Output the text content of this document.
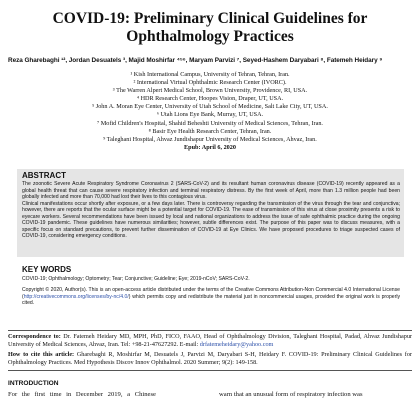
COVID-19: Preliminary Clinical Guidelines for Ophthalmology Practices
Reza Gharebaghi ¹², Jordan Desuatels ³, Majid Moshirfar ⁴⁵⁶, Maryam Parvizi ⁷, Seyed-Hashem Daryabari ⁸, Fatemeh Heidary ⁹
¹ Kish International Campus, University of Tehran, Tehran, Iran.
² International Virtual Ophthalmic Research Center (IVORC).
³ The Warren Alpert Medical School, Brown University, Providence, RI, USA.
⁴ HDR Research Center, Hoopes Vision, Draper, UT, USA.
⁵ John A. Moran Eye Center, University of Utah School of Medicine, Salt Lake City, UT, USA.
⁶ Utah Lions Eye Bank, Murray, UT, USA.
⁷ Mofid Children's Hospital, Shahid Beheshti University of Medical Sciences, Tehran, Iran.
⁸ Basir Eye Health Research Center, Tehran, Iran.
⁹ Taleghani Hospital, Ahvaz Jundishapur University of Medical Sciences, Ahvaz, Iran.
Epub: April 6, 2020
ABSTRACT

The zoonotic Severe Acute Respiratory Syndrome Coronavirus 2 (SARS-CoV-2) and its resultant human coronavirus disease (COVID-19) recently appeared as a global health threat that can cause severe respiratory infection and terminal respiratory distress. By the first week of April, more than 1.3 million people had been globally infected and more than 70,000 had lost their lives to this contagious virus.

Clinical manifestations occur shortly after exposure, or a few days later. There is controversy regarding the transmission of the virus through the tear and conjunctiva; however, there are reports that the ocular surface might be a potential target for COVID-19. The ease of transmission of this virus at close proximity presents a risk to eyecare workers. Several recommendations have been issued by local and national organizations to address the issue of safe ophthalmic practice during the ongoing COVID-19 pandemic. These guidelines have numerous similarities; however, subtle differences exist. The purpose of this paper was to discuss measures, with a specific focus on standard precautions, to prevent further dissemination of COVID-19 at Eye Clinics. We have proposed procedures to triage suspected cases of COVID-19, considering emergency conditions.

KEY WORDS
COVID-19; Ophthalmology; Optometry; Tear; Conjunctive; Guideline; Eye; 2019-nCoV; SARS-CoV-2.
Copyright © 2020, Author(s). This is an open-access article distributed under the terms of the Creative Commons Attribution-Non Commercial 4.0 International License (http://creativecommons.org/licenses/by-nc/4.0/) which permits copy and redistribute the material just in noncommercial usages, provided the original work is properly cited.
Correspondence to: Dr. Fatemeh Heidary MD, MPH, PhD, FICO, FAAO, Head of Ophthalmology Division, Taleghani Hospital, Padad, Ahvaz Jundishapur University of Medical Sciences, Ahvaz, Iran. Tel: +98-21-47627292. E-mail: drfatemeheidary@yahoo.com
How to cite this article: Gharebaghi R, Moshirfar M, Desuatels J, Parvizi M, Daryabari S-H, Heidary F. COVID-19: Preliminary Clinical Guidelines for Ophthalmology Practices. Med Hypothesis Discov Innov Ophthalmol. 2020 Summer; 9(2): 149-158.
INTRODUCTION
For the first time in December 2019, a Chinese	warn that an unusual form of respiratory infection was
